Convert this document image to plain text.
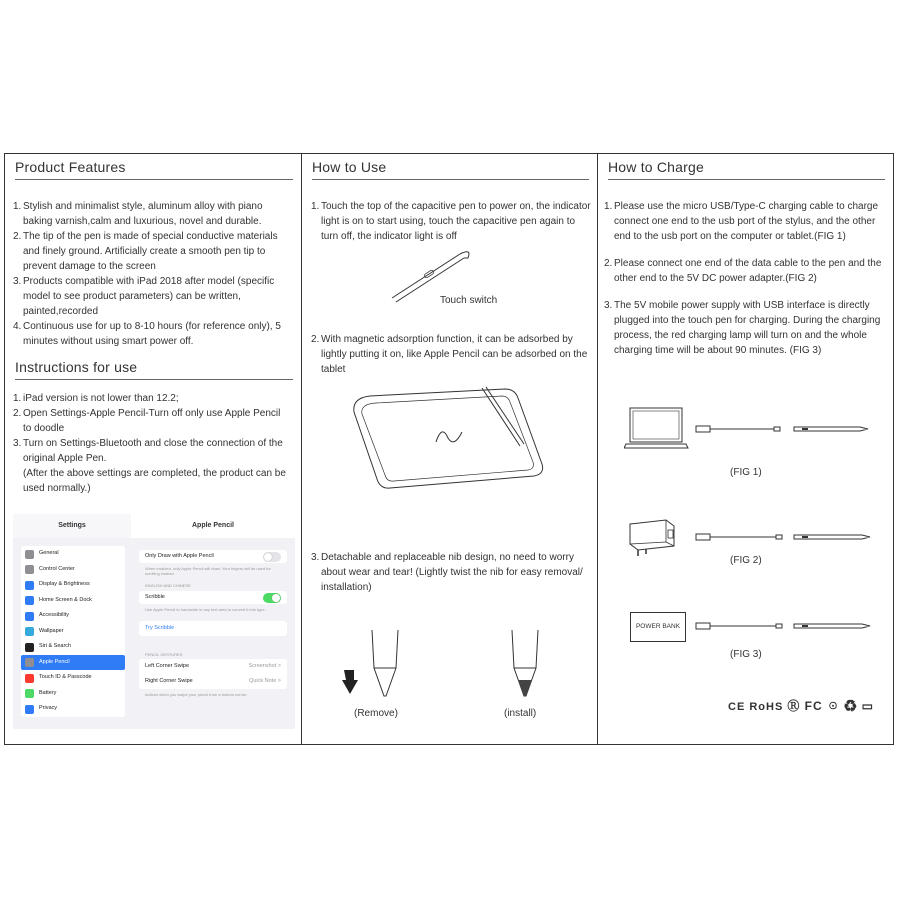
Product Features
1. Stylish and minimalist style, aluminum alloy with piano baking varnish,calm and luxurious, novel and durable.
2. The tip of the pen is made of special conductive materials and finely ground. Artificially create a smooth pen tip to prevent damage to the screen
3. Products compatible with iPad 2018 after model (specific model to see product parameters) can be written, painted,recorded
4. Continuous use for up to 8-10 hours (for reference only), 5 minutes without using smart power off.
Instructions for use
1. iPad version is not lower than 12.2;
2. Open Settings-Apple Pencil-Turn off only use Apple Pencil to doodle
3. Turn on Settings-Bluetooth and close the connection of the original Apple Pen.
(After the above settings are completed, the product can be used normally.)
Settings
General
Control Center
Display & Brightness
Home Screen & Dock
Accessibility
Wallpaper
Siri & Search
Apple Pencil
Touch ID & Passcode
Battery
Privacy
Apple Pencil
Only Draw with Apple Pencil
When enabled, only Apple Pencil will draw. Your fingers will be used for scrolling instead.
ENGLISH AND CHINESE
Scribble
Use Apple Pencil to handwrite in any text area to convert it into type.
Try Scribble
PENCIL GESTURES
Left Corner Swipe	Screenshot >
Right Corner Swipe	Quick Note >
Actions when you swipe your pencil from a bottom corner.
How to Use
1. Touch the top of the capacitive pen to power on, the indicator light is on to start using, touch the capacitive pen again to turn off, the indicator light is off
Touch switch
2. With magnetic adsorption function, it can be adsorbed by lightly putting it on, like Apple Pencil can be adsorbed on the tablet
3. Detachable and replaceable nib design, no need to worry about wear and tear! (Lightly twist the nib for easy removal/ installation)
(Remove)	(install)
How to Charge
1. Please use the micro USB/Type-C charging cable to charge connect one end to the usb port of the stylus, and the other end to the usb port on the computer or tablet.(FIG 1)
2. Please connect one end of the data cable to the pen and the other end to the 5V DC power adapter.(FIG 2)
3. The 5V mobile power supply with USB interface is directly plugged into the touch pen for charging. During the charging process, the red charging lamp will turn on and the whole charging time will be about 90 minutes. (FIG 3)
(FIG 1)
(FIG 2)
POWER BANK
(FIG 3)
CE RoHS Ⓡ FC ☉ ♻ ▭
